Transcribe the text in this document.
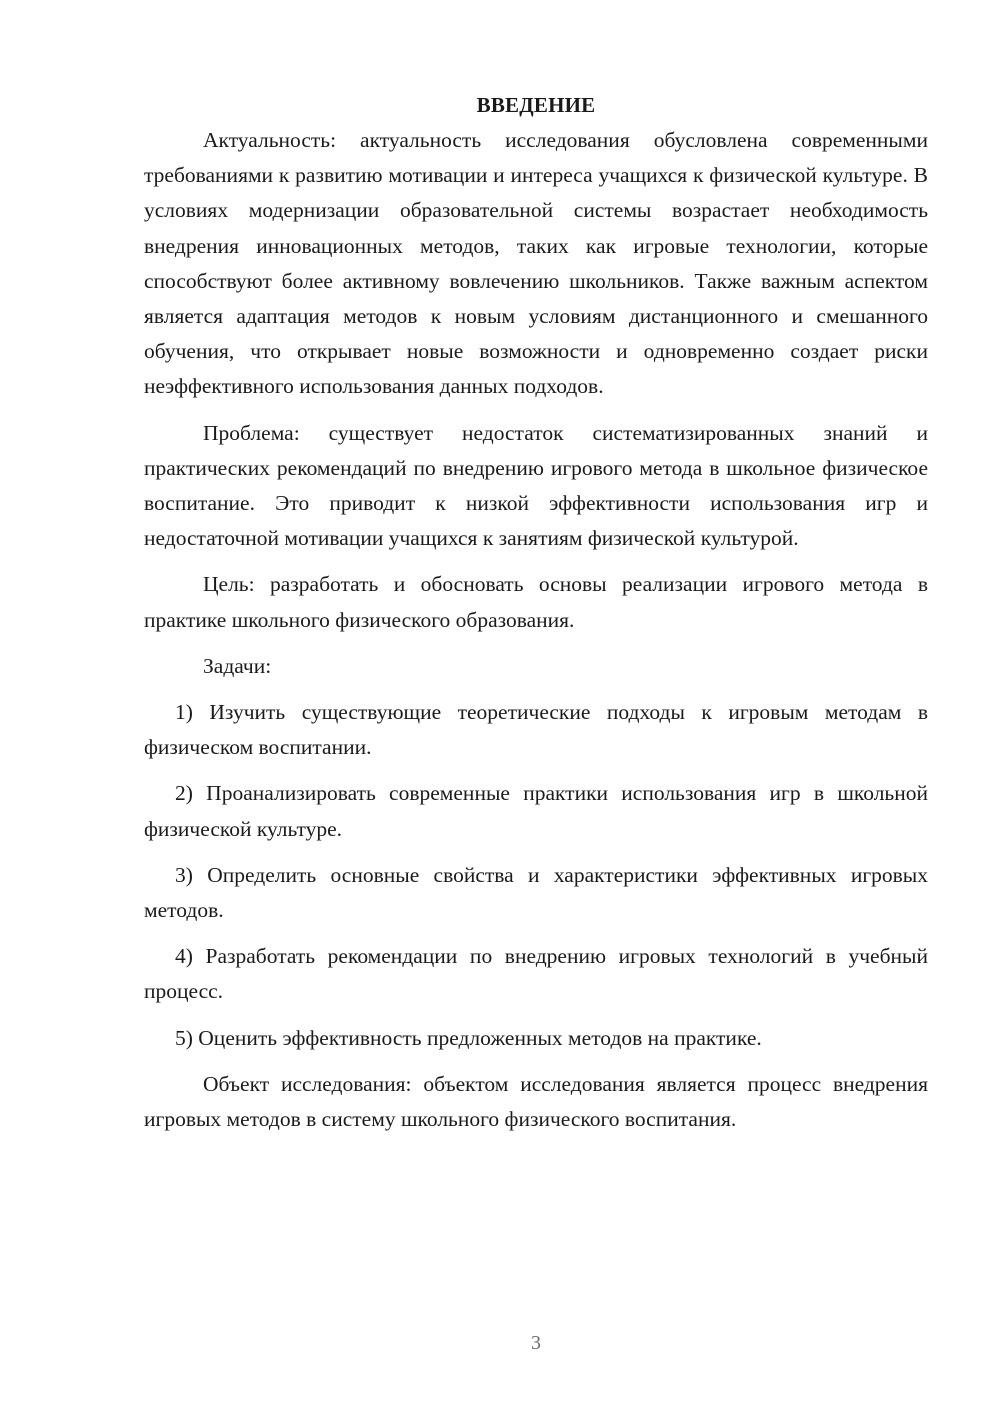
ВВЕДЕНИЕ

Актуальность: актуальность исследования обусловлена современными требованиями к развитию мотивации и интереса учащихся к физической культуре. В условиях модернизации образовательной системы возрастает необходимость внедрения инновационных методов, таких как игровые технологии, которые способствуют более активному вовлечению школьников. Также важным аспектом является адаптация методов к новым условиям дистанционного и смешанного обучения, что открывает новые возможности и одновременно создает риски неэффективного использования данных подходов.

Проблема: существует недостаток систематизированных знаний и практических рекомендаций по внедрению игрового метода в школьное физическое воспитание. Это приводит к низкой эффективности использования игр и недостаточной мотивации учащихся к занятиям физической культурой.

Цель: разработать и обосновать основы реализации игрового метода в практике школьного физического образования.

Задачи:

1) Изучить существующие теоретические подходы к игровым методам в физическом воспитании.

2) Проанализировать современные практики использования игр в школьной физической культуре.

3) Определить основные свойства и характеристики эффективных игровых методов.

4) Разработать рекомендации по внедрению игровых технологий в учебный процесс.

5) Оценить эффективность предложенных методов на практике.

Объект исследования: объектом исследования является процесс внедрения игровых методов в систему школьного физического воспитания.

3
